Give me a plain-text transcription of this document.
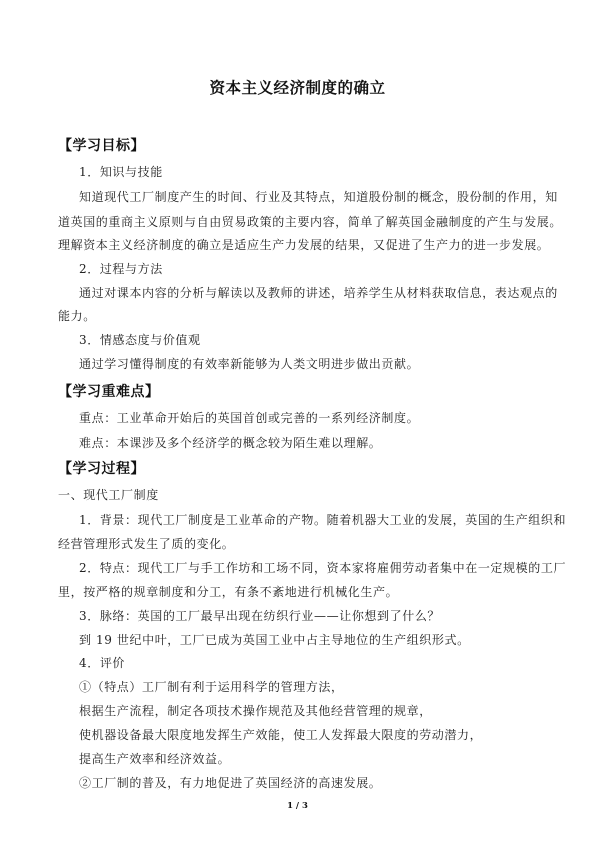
资本主义经济制度的确立
【学习目标】
1．知识与技能
知道现代工厂制度产生的时间、行业及其特点，知道股份制的概念，股份制的作用，知
道英国的重商主义原则与自由贸易政策的主要内容，简单了解英国金融制度的产生与发展。
理解资本主义经济制度的确立是适应生产力发展的结果，又促进了生产力的进一步发展。
2．过程与方法
通过对课本内容的分析与解读以及教师的讲述，培养学生从材料获取信息，表达观点的
能力。
3．情感态度与价值观
通过学习懂得制度的有效率新能够为人类文明进步做出贡献。
【学习重难点】
重点：工业革命开始后的英国首创或完善的一系列经济制度。
难点：本课涉及多个经济学的概念较为陌生难以理解。
【学习过程】
一、现代工厂制度
1．背景：现代工厂制度是工业革命的产物。随着机器大工业的发展，英国的生产组织和
经营管理形式发生了质的变化。
2．特点：现代工厂与手工作坊和工场不同，资本家将雇佣劳动者集中在一定规模的工厂
里，按严格的规章制度和分工，有条不紊地进行机械化生产。
3．脉络：英国的工厂最早出现在纺织行业——让你想到了什么？
到 19 世纪中叶，工厂已成为英国工业中占主导地位的生产组织形式。
4．评价
①（特点）工厂制有利于运用科学的管理方法，
根据生产流程，制定各项技术操作规范及其他经营管理的规章，
使机器设备最大限度地发挥生产效能，使工人发挥最大限度的劳动潜力，
提高生产效率和经济效益。
②工厂制的普及，有力地促进了英国经济的高速发展。
1 / 3
